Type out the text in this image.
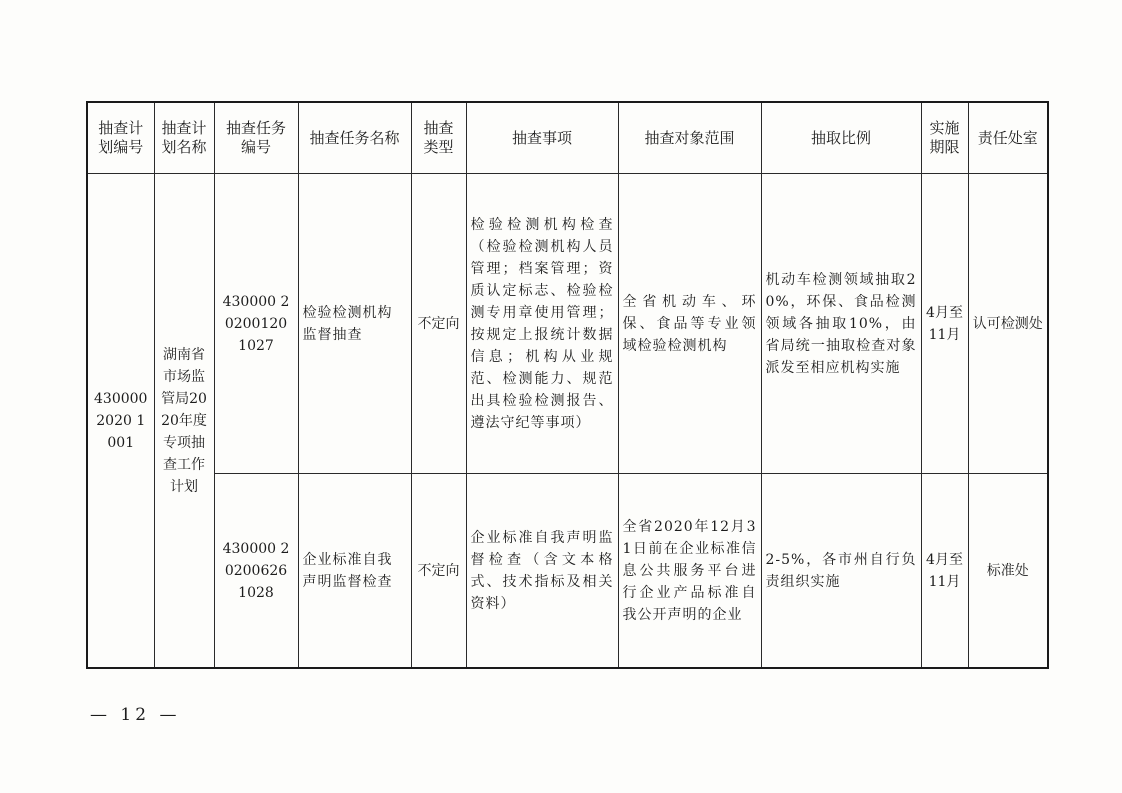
抽查计划编号	抽查计划名称	抽查任务编号	抽查任务名称	抽查类型	抽查事项	抽查对象范围	抽取比例	实施期限	责任处室
430000 2020 1001	湖南省市场监管局2020年度专项抽查工作计划	430000 20200120 1027	检验检测机构监督抽查	不定向	检验检测机构检查（检验检测机构人员管理；档案管理；资质认定标志、检验检测专用章使用管理；按规定上报统计数据信息；机构从业规范、检测能力、规范出具检验检测报告、遵法守纪等事项）	全省机动车、环保、食品等专业领域检验检测机构	机动车检测领域抽取20%，环保、食品检测领域各抽取10%，由省局统一抽取检查对象派发至相应机构实施	4月至11月	认可检测处
		430000 20200626 1028	企业标准自我声明监督检查	不定向	企业标准自我声明监督检查（含文本格式、技术指标及相关资料）	全省2020年12月31日前在企业标准信息公共服务平台进行企业产品标准自我公开声明的企业	2-5%，各市州自行负责组织实施	4月至11月	标准处
— 12 —
